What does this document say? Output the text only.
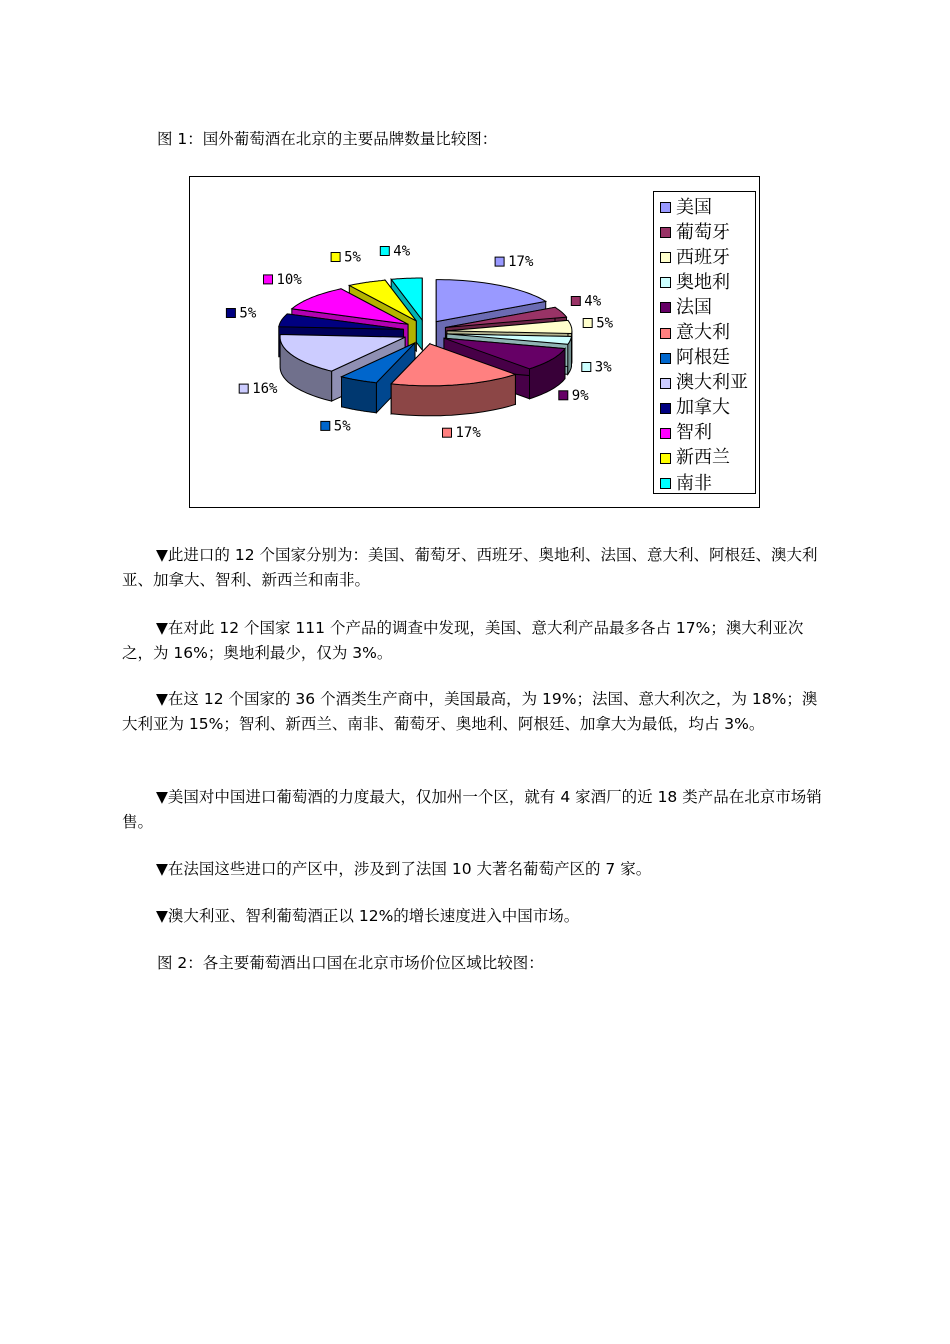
图 1：国外葡萄酒在北京的主要品牌数量比较图：
17%
4%
5%
3%
9%
17%
5%
16%
5%
10%
5% 4%
美国
葡萄牙
西班牙
奥地利
法国
意大利
阿根廷
澳大利亚
加拿大
智利
新西兰
南非

▼此进口的 12 个国家分别为：美国、葡萄牙、西班牙、奥地利、法国、意大利、阿根廷、澳大利亚、加拿大、智利、新西兰和南非。

▼在对此 12 个国家 111 个产品的调查中发现，美国、意大利产品最多各占 17%；澳大利亚次之，为 16%；奥地利最少，仅为 3%。

▼在这 12 个国家的 36 个酒类生产商中，美国最高，为 19%；法国、意大利次之，为 18%；澳大利亚为 15%；智利、新西兰、南非、葡萄牙、奥地利、阿根廷、加拿大为最低，均占 3%。

▼美国对中国进口葡萄酒的力度最大，仅加州一个区，就有 4 家酒厂的近 18 类产品在北京市场销　售。

▼在法国这些进口的产区中，涉及到了法国 10 大著名葡萄产区的 7 家。

▼澳大利亚、智利葡萄酒正以 12%的增长速度进入中国市场。

图 2：各主要葡萄酒出口国在北京市场价位区域比较图：
